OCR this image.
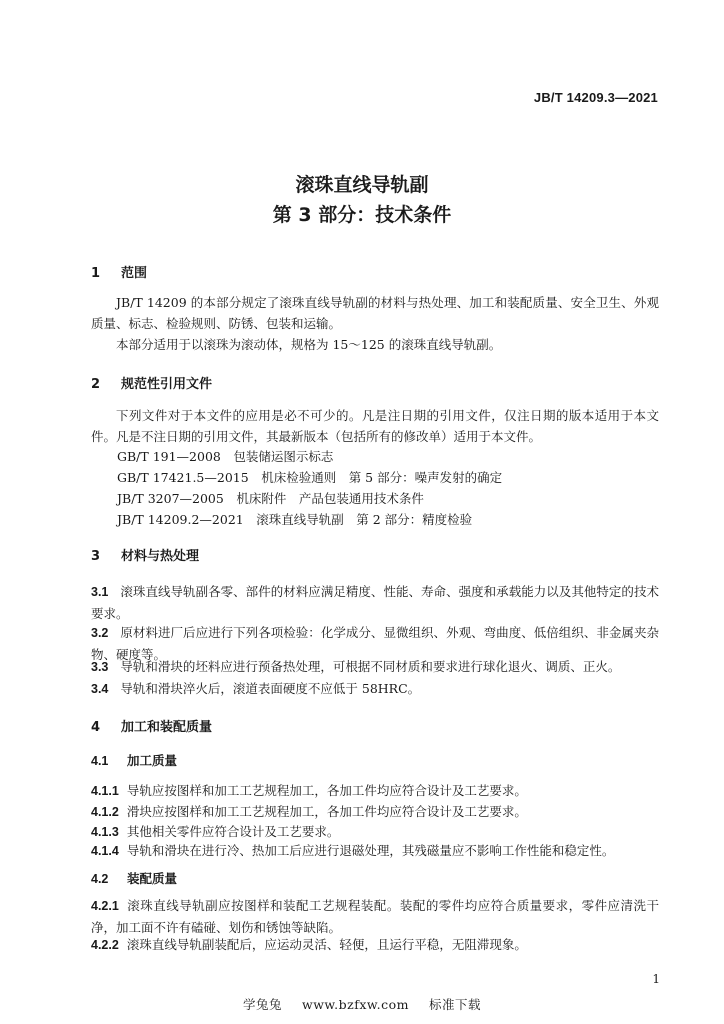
JB/T 14209.3—2021
滚珠直线导轨副
第 3 部分：技术条件
1 范围
JB/T 14209 的本部分规定了滚珠直线导轨副的材料与热处理、加工和装配质量、安全卫生、外观质量、标志、检验规则、防锈、包装和运输。
本部分适用于以滚珠为滚动体，规格为 15～125 的滚珠直线导轨副。
2 规范性引用文件
下列文件对于本文件的应用是必不可少的。凡是注日期的引用文件，仅注日期的版本适用于本文件。凡是不注日期的引用文件，其最新版本（包括所有的修改单）适用于本文件。
GB/T 191—2008　包装储运图示标志
GB/T 17421.5—2015　机床检验通则　第 5 部分：噪声发射的确定
JB/T 3207—2005　机床附件　产品包装通用技术条件
JB/T 14209.2—2021　滚珠直线导轨副　第 2 部分：精度检验
3 材料与热处理
3.1 滚珠直线导轨副各零、部件的材料应满足精度、性能、寿命、强度和承载能力以及其他特定的技术要求。
3.2 原材料进厂后应进行下列各项检验：化学成分、显微组织、外观、弯曲度、低倍组织、非金属夹杂物、硬度等。
3.3 导轨和滑块的坯料应进行预备热处理，可根据不同材质和要求进行球化退火、调质、正火。
3.4 导轨和滑块淬火后，滚道表面硬度不应低于 58HRC。
4 加工和装配质量
4.1 加工质量
4.1.1 导轨应按图样和加工工艺规程加工，各加工件均应符合设计及工艺要求。
4.1.2 滑块应按图样和加工工艺规程加工，各加工件均应符合设计及工艺要求。
4.1.3 其他相关零件应符合设计及工艺要求。
4.1.4 导轨和滑块在进行冷、热加工后应进行退磁处理，其残磁量应不影响工作性能和稳定性。
4.2 装配质量
4.2.1 滚珠直线导轨副应按图样和装配工艺规程装配。装配的零件均应符合质量要求，零件应清洗干净，加工面不许有磕碰、划伤和锈蚀等缺陷。
4.2.2 滚珠直线导轨副装配后，应运动灵活、轻便，且运行平稳，无阻滞现象。
1
学兔兔 www.bzfxw.com 标准下载
